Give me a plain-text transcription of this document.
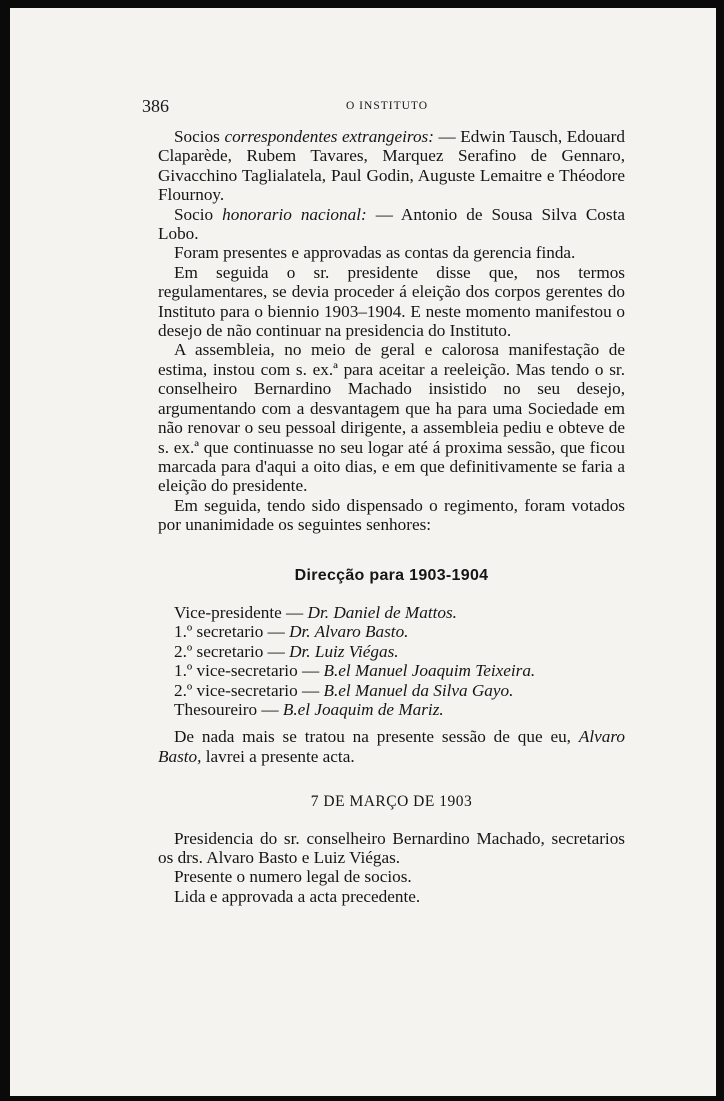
386	O INSTITUTO

Socios correspondentes extrangeiros: — Edwin Tausch, Edouard Claparède, Rubem Tavares, Marquez Serafino de Gennaro, Givacchino Taglialatela, Paul Godin, Auguste Lemaitre e Théodore Flournoy.

Socio honorario nacional: — Antonio de Sousa Silva Costa Lobo.

Foram presentes e approvadas as contas da gerencia finda.

Em seguida o sr. presidente disse que, nos termos regulamentares, se devia proceder á eleição dos corpos gerentes do Instituto para o biennio 1903–1904. E neste momento manifestou o desejo de não continuar na presidencia do Instituto.

A assembleia, no meio de geral e calorosa manifestação de estima, instou com s. ex.ª para aceitar a reeleição. Mas tendo o sr. conselheiro Bernardino Machado insistido no seu desejo, argumentando com a desvantagem que ha para uma Sociedade em não renovar o seu pessoal dirigente, a assembleia pediu e obteve de s. ex.ª que continuasse no seu logar até á proxima sessão, que ficou marcada para d'aqui a oito dias, e em que definitivamente se faria a eleição do presidente.

Em seguida, tendo sido dispensado o regimento, foram votados por unanimidade os seguintes senhores:

Direcção para 1903-1904

Vice-presidente — Dr. Daniel de Mattos.

1.º secretario — Dr. Alvaro Basto.

2.º secretario — Dr. Luiz Viégas.

1.º vice-secretario — B.el Manuel Joaquim Teixeira.

2.º vice-secretario — B.el Manuel da Silva Gayo.

Thesoureiro — B.el Joaquim de Mariz.

De nada mais se tratou na presente sessão de que eu, Alvaro Basto, lavrei a presente acta.

7 DE MARÇO DE 1903

Presidencia do sr. conselheiro Bernardino Machado, secretarios os drs. Alvaro Basto e Luiz Viégas.

Presente o numero legal de socios.

Lida e approvada a acta precedente.
